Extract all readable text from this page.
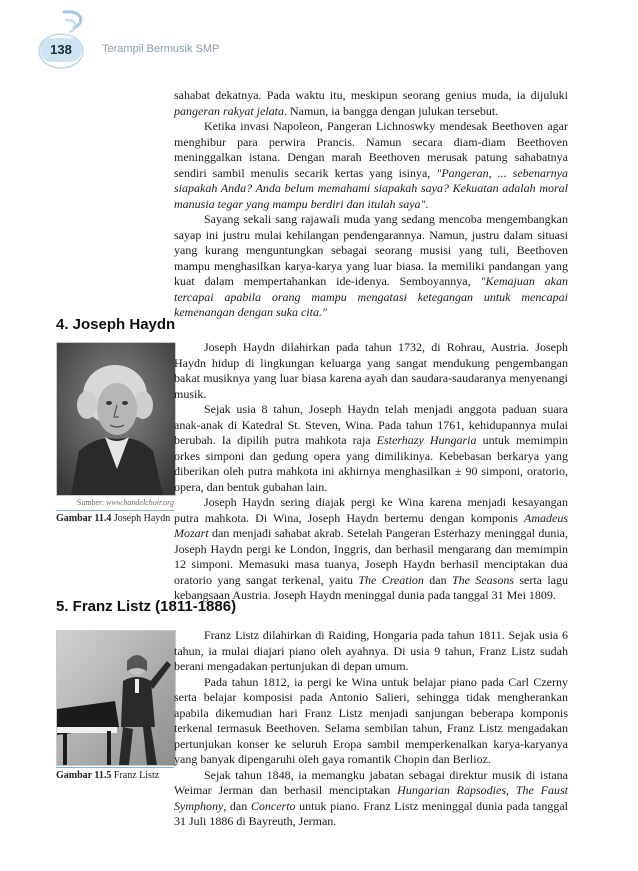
138	Terampil Bermusik SMP

sahabat dekatnya. Pada waktu itu, meskipun seorang genius muda, ia dijuluki pangeran rakyat jelata. Namun, ia bangga dengan julukan tersebut.

Ketika invasi Napoleon, Pangeran Lichnoswky mendesak Beethoven agar menghibur para perwira Prancis. Namun secara diam-diam Beethoven meninggalkan istana. Dengan marah Beethoven merusak patung sahabatnya sendiri sambil menulis secarik kertas yang isinya, "Pangeran, ... sebenarnya siapakah Anda? Anda belum memahami siapakah saya? Kekuatan adalah moral manusia tegar yang mampu berdiri dan itulah saya".

Sayang sekali sang rajawali muda yang sedang mencoba mengembangkan sayap ini justru mulai kehilangan pendengarannya. Namun, justru dalam situasi yang kurang menguntungkan sebagai seorang musisi yang tuli, Beethoven mampu menghasilkan karya-karya yang luar biasa. Ia memiliki pandangan yang kuat dalam mempertahankan ide-idenya. Semboyannya, "Kemajuan akan tercapai apabila orang mampu mengatasi ketegangan untuk mencapai kemenangan dengan suka cita."

4. Joseph Haydn
Sumber: www.handelchoir.org
Gambar 11.4 Joseph Haydn

Joseph Haydn dilahirkan pada tahun 1732, di Rohrau, Austria. Joseph Haydn hidup di lingkungan keluarga yang sangat mendukung pengembangan bakat musiknya yang luar biasa karena ayah dan saudara-saudaranya menyenangi musik.

Sejak usia 8 tahun, Joseph Haydn telah menjadi anggota paduan suara anak-anak di Katedral St. Steven, Wina. Pada tahun 1761, kehidupannya mulai berubah. Ia dipilih putra mahkota raja Esterhazy Hungaria untuk memimpin orkes simponi dan gedung opera yang dimilikinya. Kebebasan berkarya yang diberikan oleh putra mahkota ini akhirnya menghasilkan ± 90 simponi, oratorio, opera, dan bentuk gubahan lain.

Joseph Haydn sering diajak pergi ke Wina karena menjadi kesayangan putra mahkota. Di Wina, Joseph Haydn bertemu dengan komponis Amadeus Mozart dan menjadi sahabat akrab. Setelah Pangeran Esterhazy meninggal dunia, Joseph Haydn pergi ke London, Inggris, dan berhasil mengarang dan memimpin 12 simponi. Memasuki masa tuanya, Joseph Haydn berhasil menciptakan dua oratorio yang sangat terkenal, yaitu The Creation dan The Seasons serta lagu kebangsaan Austria. Joseph Haydn meninggal dunia pada tanggal 31 Mei 1809.

5. Franz Listz (1811-1886)
Gambar 11.5 Franz Listz

Franz Listz dilahirkan di Raiding, Hongaria pada tahun 1811. Sejak usia 6 tahun, ia mulai diajari piano oleh ayahnya. Di usia 9 tahun, Franz Listz sudah berani mengadakan pertunjukan di depan umum.

Pada tahun 1812, ia pergi ke Wina untuk belajar piano pada Carl Czerny serta belajar komposisi pada Antonio Salieri, sehingga tidak mengherankan apabila dikemudian hari Franz Listz menjadi sanjungan beberapa komponis terkenal termasuk Beethoven. Selama sembilan tahun, Franz Listz mengadakan pertunjukan konser ke seluruh Eropa sambil memperkenalkan karya-karyanya yang banyak dipengaruhi oleh gaya romantik Chopin dan Berlioz.

Sejak tahun 1848, ia memangku jabatan sebagai direktur musik di istana Weimar Jerman dan berhasil menciptakan Hungarian Rapsodies, The Faust Symphony, dan Concerto untuk piano. Franz Listz meninggal dunia pada tanggal 31 Juli 1886 di Bayreuth, Jerman.
